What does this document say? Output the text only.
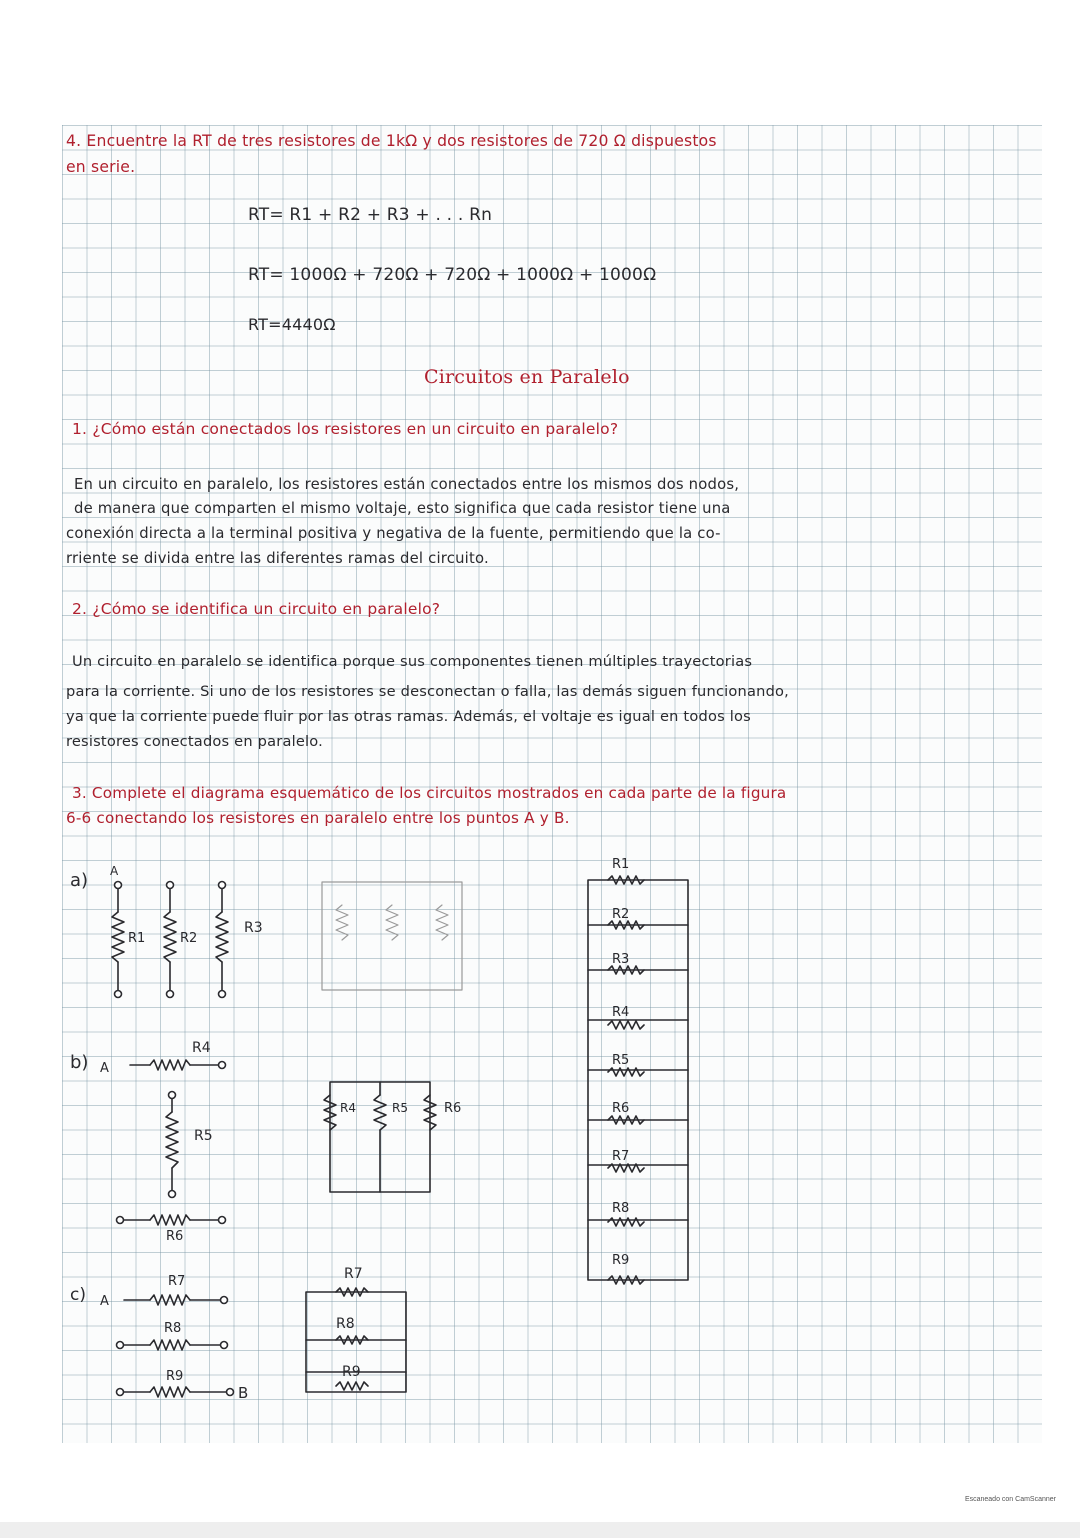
4. Encuentre la RT de tres resistores de 1kΩ y dos resistores de 720 Ω dispuestos

en serie.

RT= R1 + R2 + R3 + . . . Rn

RT= 1000Ω + 720Ω + 720Ω + 1000Ω + 1000Ω

RT=4440Ω

Circuitos en Paralelo

1. ¿Cómo están conectados los resistores en un circuito en paralelo?

En un circuito en paralelo, los resistores están conectados entre los mismos dos nodos,

de manera que comparten el mismo voltaje, esto significa que cada resistor tiene una

conexión directa a la terminal positiva y negativa de la fuente, permitiendo que la co-

rriente se divida entre las diferentes ramas del circuito.

2. ¿Cómo se identifica un circuito en paralelo?

Un circuito en paralelo se identifica porque sus componentes tienen múltiples trayectorias

para la corriente. Si uno de los resistores se desconectan o falla, las demás siguen funcionando,

ya que la corriente puede fluir por las otras ramas. Además, el voltaje es igual en todos los

resistores conectados en paralelo.

3. Complete el diagrama esquemático de los circuitos mostrados en cada parte de la figura

6-6 conectando los resistores en paralelo entre los puntos A y B.

a) A
R1	R2
R3
b) A
R4
R5
R6
R4	R5	R6
c) A
R7
R8
R9
B
R7
R8
R9
R1
R2
R3
R4
R5
R6
R7
R8
R9
Escaneado con CamScanner
